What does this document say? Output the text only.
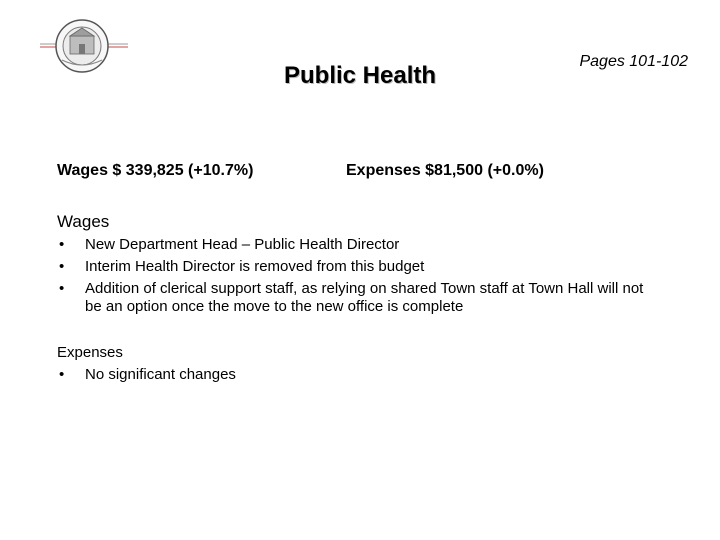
Pages 101-102
Public Health
Wages $ 339,825 (+10.7%)	Expenses $81,500 (+0.0%)
Wages
• New Department Head – Public Health Director
• Interim Health Director is removed from this budget
• Addition of clerical support staff, as relying on shared Town staff at Town Hall will not be an option once the move to the new office is complete
Expenses
• No significant changes
